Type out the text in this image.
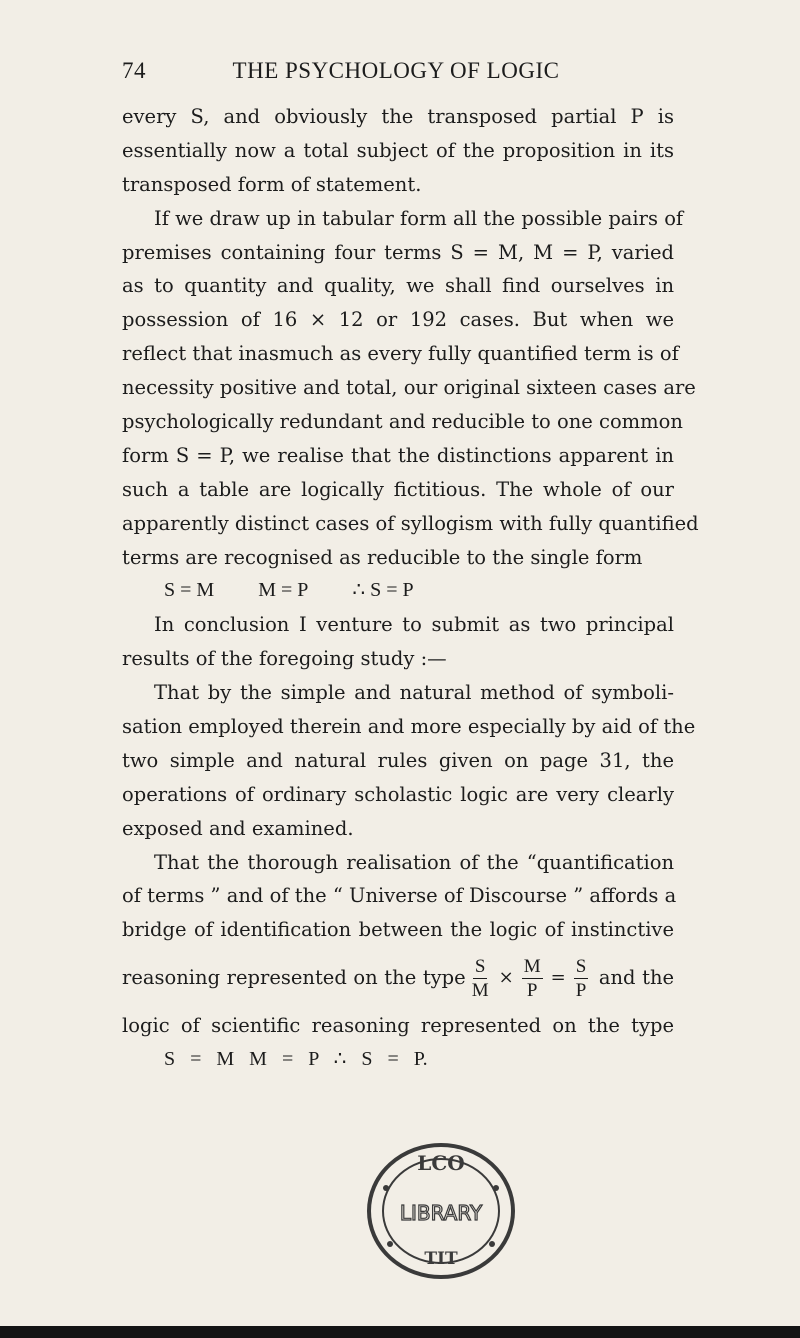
74	THE PSYCHOLOGY OF LOGIC
every S, and obviously the transposed partial P is
essentially now a total subject of the proposition in its
transposed form of statement.
If we draw up in tabular form all the possible pairs of
premises containing four terms S = M, M = P, varied
as to quantity and quality, we shall find ourselves in
possession of 16 × 12 or 192 cases. But when we
reflect that inasmuch as every fully quantified term is of
necessity positive and total, our original sixteen cases are
psychologically redundant and reducible to one common
form S = P, we realise that the distinctions apparent in
such a table are logically fictitious. The whole of our
apparently distinct cases of syllogism with fully quantified
terms are recognised as reducible to the single form
S = M M = P ∴ S = P
In conclusion I venture to submit as two principal
results of the foregoing study :—
That by the simple and natural method of symboli-
sation employed therein and more especially by aid of the
two simple and natural rules given on page 31, the
operations of ordinary scholastic logic are very clearly
exposed and examined.
That the thorough realisation of the “quantification
of terms ” and of the “ Universe of Discourse ” affords a
bridge of identification between the logic of instinctive
reasoning represented on the type $\frac{S}{M} \times \frac{M}{P} = \frac{S}{P}$ and the
logic of scientific reasoning represented on the type
S = M M = P ∴ S = P.
LCO
LIBRARY
TIT
